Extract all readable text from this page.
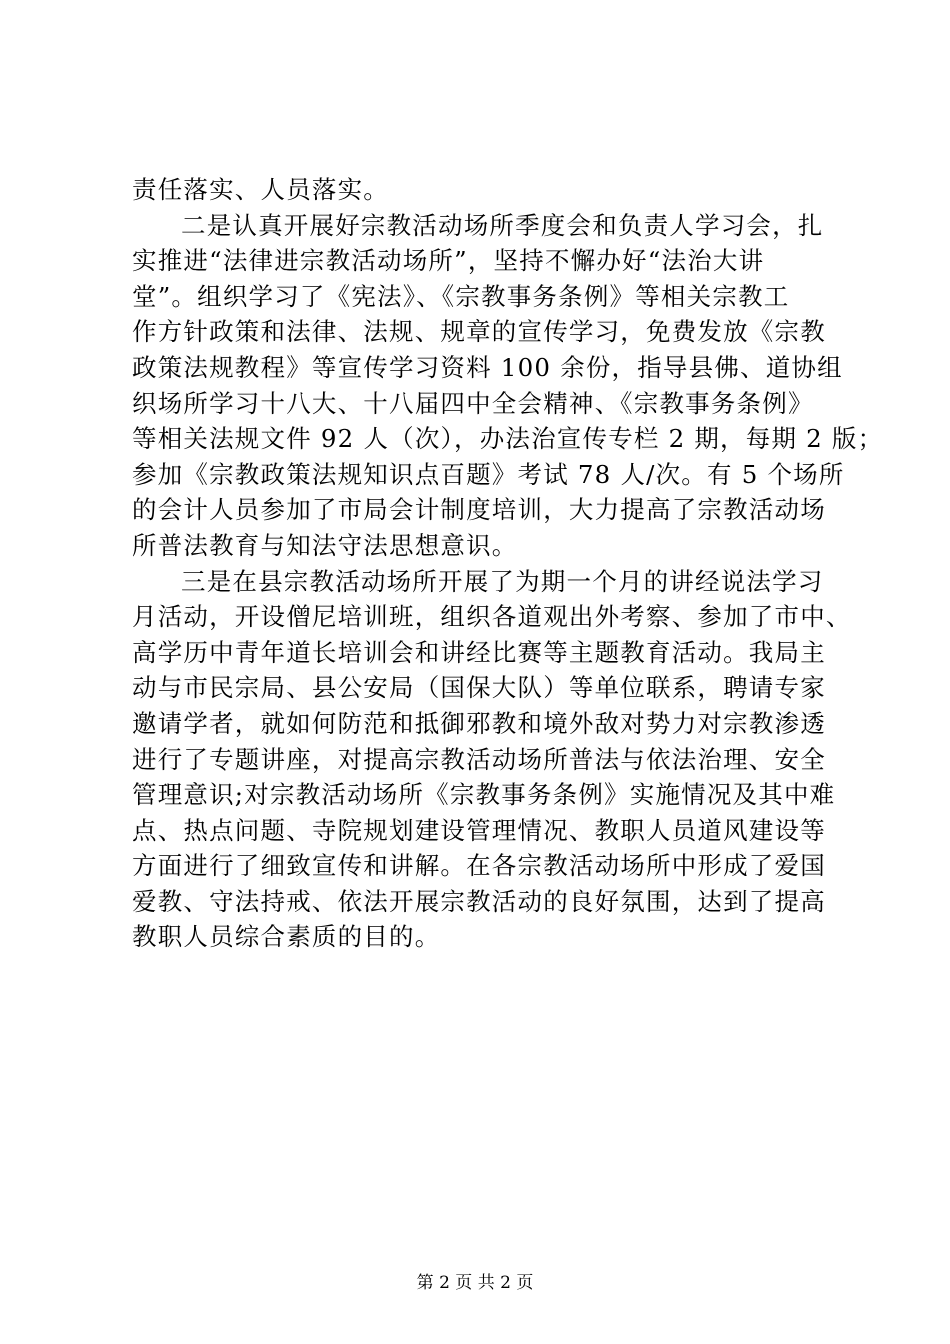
责任落实、人员落实。
二是认真开展好宗教活动场所季度会和负责人学习会，扎
实推进“法律进宗教活动场所”，坚持不懈办好“法治大讲
堂”。组织学习了《宪法》、《宗教事务条例》等相关宗教工
作方针政策和法律、法规、规章的宣传学习，免费发放《宗教
政策法规教程》等宣传学习资料 100 余份，指导县佛、道协组
织场所学习十八大、十八届四中全会精神、《宗教事务条例》
等相关法规文件 92 人（次），办法治宣传专栏 2 期，每期 2 版；
参加《宗教政策法规知识点百题》考试 78 人/次。有 5 个场所
的会计人员参加了市局会计制度培训，大力提高了宗教活动场
所普法教育与知法守法思想意识。
三是在县宗教活动场所开展了为期一个月的讲经说法学习
月活动，开设僧尼培训班，组织各道观出外考察、参加了市中、
高学历中青年道长培训会和讲经比赛等主题教育活动。我局主
动与市民宗局、县公安局（国保大队）等单位联系，聘请专家
邀请学者，就如何防范和抵御邪教和境外敌对势力对宗教渗透
进行了专题讲座，对提高宗教活动场所普法与依法治理、安全
管理意识;对宗教活动场所《宗教事务条例》实施情况及其中难
点、热点问题、寺院规划建设管理情况、教职人员道风建设等
方面进行了细致宣传和讲解。在各宗教活动场所中形成了爱国
爱教、守法持戒、依法开展宗教活动的良好氛围，达到了提高
教职人员综合素质的目的。
第 2 页 共 2 页
